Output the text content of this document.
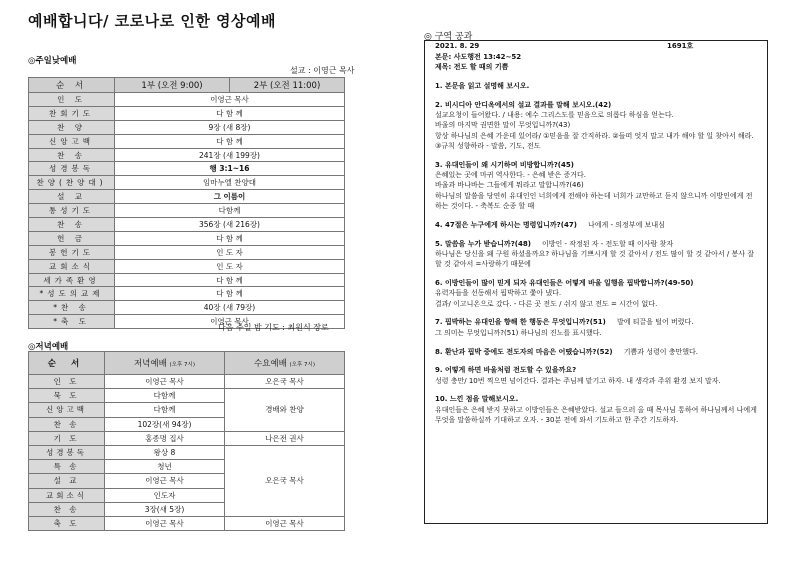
예배합니다/ 코로나로 인한 영상예배
◎주일낮예배
설교 : 이영근 목사
순 서	1부 (오전 9:00)	2부 (오전 11:00)
인 도	이영근 목사	
찬회기도	다 함 께	
찬 양	9장 (새 8장)	
신앙고백	다 함 께	
찬 송	241장 (새 199장)	
성경봉독	행 3:1~16	
찬양(찬양대)	임마누엘 찬양대	
설 교	그 이름이	
통성기도	다함께	
찬 송	356장 (새 216장)	
헌 금	다 함 께	
봉헌기도	인 도 자	
교회소식	인 도 자	
세가족환영	다 함 께	
*성도의교제	다 함 께	
*찬 송	40장 (새 79장)	
*축 도	이영근 목사	
다음 주일 밤 기도 : 최원식 장로
◎저녁예배
순 서	저녁예배 (오후 7시)	수요예배 (오후 7시)
인 도	이영근 목사	오은국 목사
묵 도	다함께	경배와 찬양
신앙고백	다함께	
찬 송	102장(새 94장)	
기 도	홍종명 집사	나은전 권사
성경봉독	왕상 8	오은국 목사
특 송	청년	
설 교	이영근 목사	
교회소식	인도자	
찬 송	3장(새 5장)	
축 도	이영근 목사	이영근 목사
◎ 구역 공과
2021. 8. 29	1691호
본문: 사도행전 13:42~52
제목: 전도 할 때의 기쁨
1. 본문을 읽고 설명해 보시오.
2. 비시디아 안디옥에서의 설교 결과를 말해 보시오.(42)
설교요청이 들어왔다. / 내용: 예수 그리스도를 믿음으로 의롭다 하심을 얻는다.
바울의 마지막 권면한 말이 무엇입니까?(43)
항상 하나님의 은혜 가운데 있어라/ ①믿음을 잘 간직하라. ②들떠 엇지 말고 내가 해야 할 일 찾아서 해라. ③규칙 성향하라 - 말씀, 기도, 전도
3. 유대인들이 왜 시기하며 비방합니까?(45)
은혜있는 곳에 마귀 역사한다. - 은혜 받은 증거다.
바울과 바나바는 그들에게 뭐라고 말합니까?(46)
하나님의 말씀을 당연히 유대인인 너희에게 전해야 하는데 너희가 교만하고 듣지 않으니까 이방인에게 전하는 것이다. - 축복도 순종 할 때
4. 47절은 누구에게 하시는 명령입니까?(47)     나에게 - 의정부에 보내심
5. 말씀을 누가 받습니까?(48)     이방인 - 작정된 자 - 전도할 때 이사람 찾자
하나님은 당신을 왜 구원 하셨을까요? 하나님을 기쁘시게 할 것 같아서 / 전도 많이 할 것 같아서 / 봉사 잘 할 것 같아서 =사랑하기 때문에
6. 이방인들이 많이 믿게 되자 유대인들은 어떻게 바울 일행을 핍박합니까?(49-50)
유력자들을 선동해서 핍박하고 쫓아 냈다.
결과/ 이고니온으로 갔다. - 다른 곳 전도 / 쉬지 않고 전도 = 시간이 없다.
7. 핍박하는 유대인을 향해 한 행동은 무엇입니까?(51)     발에 티끌을 털어 버렸다.
그 의미는 무엇입니까?(51) 하나님의 진노를 표시했다.
8. 환난과 핍박 중에도 전도자의 마음은 어땠습니까?(52)     기쁨과 성령이 충만했다.
9. 어떻게 하면 바울처럼 전도할 수 있을까요?
성령 충만/ 10번 찍으면 넘어간다. 결과는 주님께 맡기고 하자. 내 생각과 주위 환경 보지 말자.
10. 느낀 점을 말해보시오.
유대인들은 은혜 받지 못하고 이방인들은 은혜받았다. 설교 들으러 올 때 목사님 통하여 하나님께서 나에게 무엇을 말씀하실까 기대하고 오자. - 30분 전에 와서 기도하고 한 주간 기도하자.
